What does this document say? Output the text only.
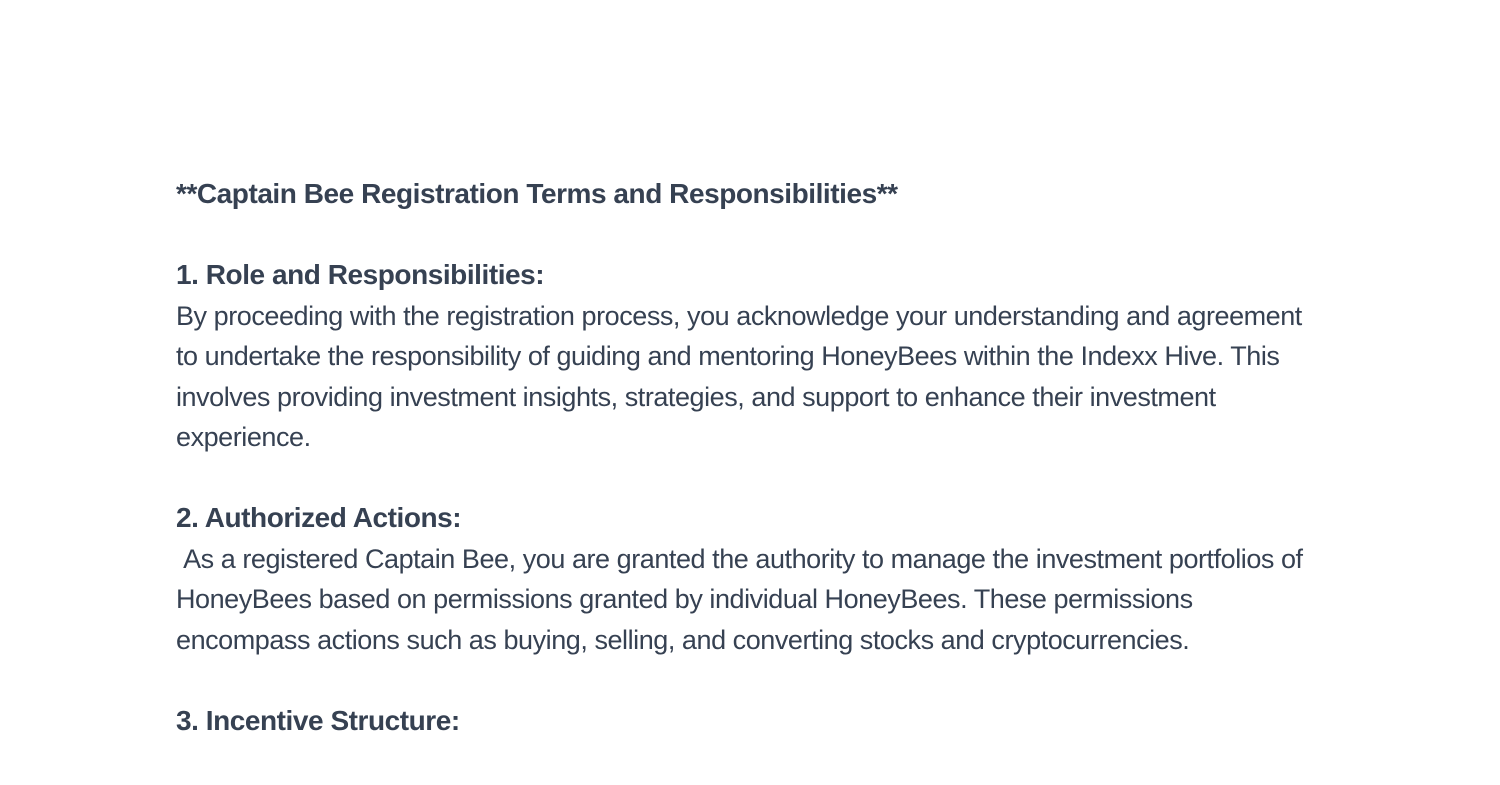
**Captain Bee Registration Terms and Responsibilities**

1. Role and Responsibilities:

By proceeding with the registration process, you acknowledge your understanding and agreement to undertake the responsibility of guiding and mentoring HoneyBees within the Indexx Hive. This involves providing investment insights, strategies, and support to enhance their investment experience.

2. Authorized Actions:

As a registered Captain Bee, you are granted the authority to manage the investment portfolios of HoneyBees based on permissions granted by individual HoneyBees. These permissions encompass actions such as buying, selling, and converting stocks and cryptocurrencies.

3. Incentive Structure:
